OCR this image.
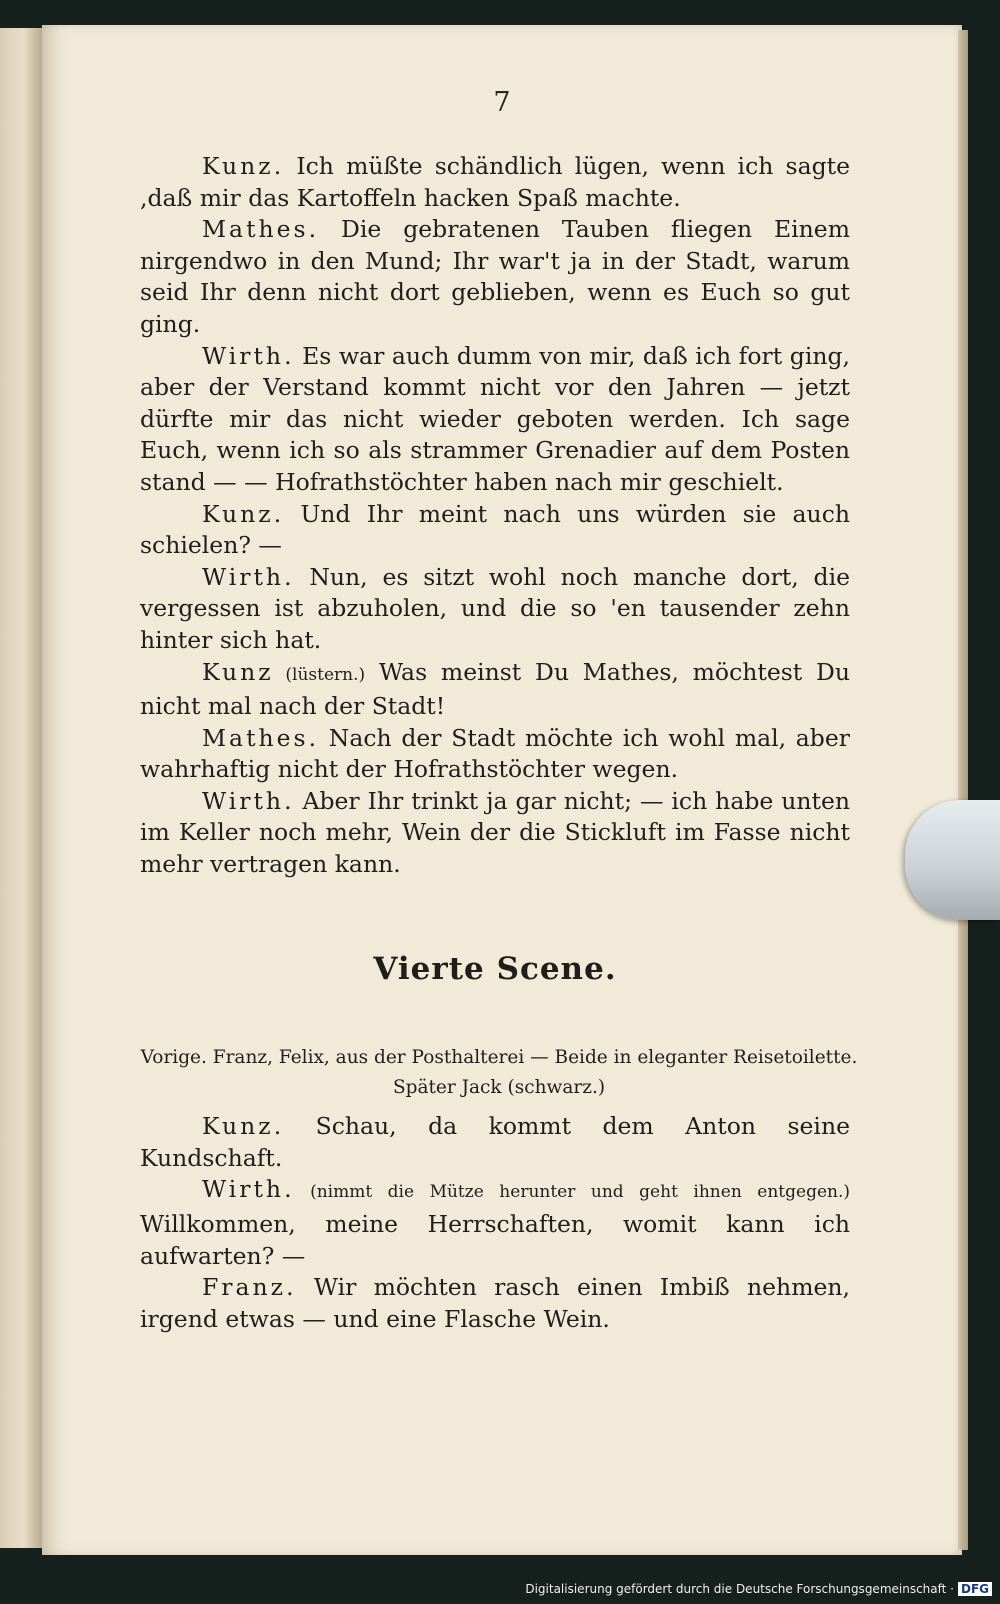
7

Kunz. Ich müßte schändlich lügen, wenn ich sagte ,daß mir das Kartoffeln hacken Spaß machte.

Mathes. Die gebratenen Tauben fliegen Einem nirgendwo in den Mund; Ihr war't ja in der Stadt, warum seid Ihr denn nicht dort geblieben, wenn es Euch so gut ging.

Wirth. Es war auch dumm von mir, daß ich fort ging, aber der Verstand kommt nicht vor den Jahren — jetzt dürfte mir das nicht wieder geboten werden. Ich sage Euch, wenn ich so als strammer Grenadier auf dem Posten stand — — Hofrathstöchter haben nach mir geschielt.

Kunz. Und Ihr meint nach uns würden sie auch schielen? —

Wirth. Nun, es sitzt wohl noch manche dort, die vergessen ist abzuholen, und die so 'en tausender zehn hinter sich hat.

Kunz (lüstern.) Was meinst Du Mathes, möchtest Du nicht mal nach der Stadt!

Mathes. Nach der Stadt möchte ich wohl mal, aber wahrhaftig nicht der Hofrathstöchter wegen.

Wirth. Aber Ihr trinkt ja gar nicht; — ich habe unten im Keller noch mehr, Wein der die Stickluft im Fasse nicht mehr vertragen kann.

Vierte Scene.
Vorige. Franz, Felix, aus der Posthalterei — Beide in eleganter Reisetoilette. Später Jack (schwarz.)

Kunz. Schau, da kommt dem Anton seine Kundschaft.

Wirth. (nimmt die Mütze herunter und geht ihnen entgegen.) Willkommen, meine Herrschaften, womit kann ich aufwarten? —

Franz. Wir möchten rasch einen Imbiß nehmen, irgend etwas — und eine Flasche Wein.

Digitalisierung gefördert durch die Deutsche Forschungsgemeinschaft · DFG
